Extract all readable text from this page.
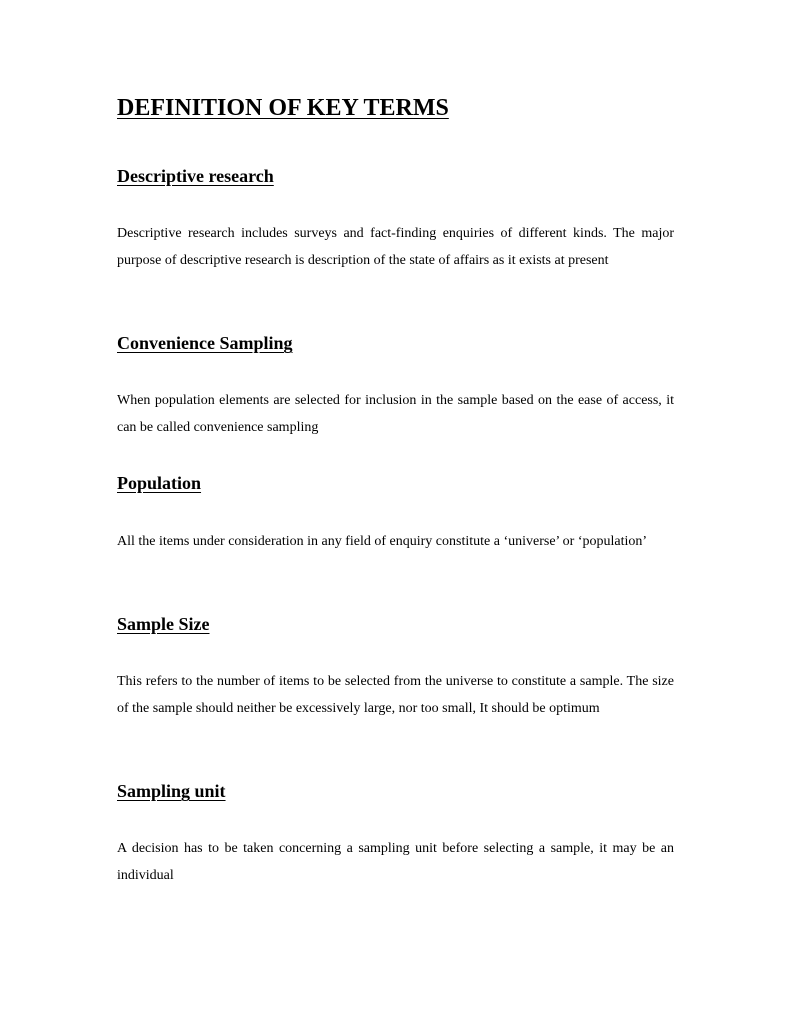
DEFINITION OF KEY TERMS
Descriptive research

Descriptive research includes surveys and fact-finding enquiries of different kinds. The major purpose of descriptive research is description of the state of affairs as it exists at present

Convenience Sampling

When population elements are selected for inclusion in the sample based on the ease of access, it can be called convenience sampling

Population

All the items under consideration in any field of enquiry constitute a ‘universe’ or ‘population’

Sample Size

This refers to the number of items to be selected from the universe to constitute a sample. The size of the sample should neither be excessively large, nor too small, It should be optimum

Sampling unit

A decision has to be taken concerning a sampling unit before selecting a sample, it may be an individual
